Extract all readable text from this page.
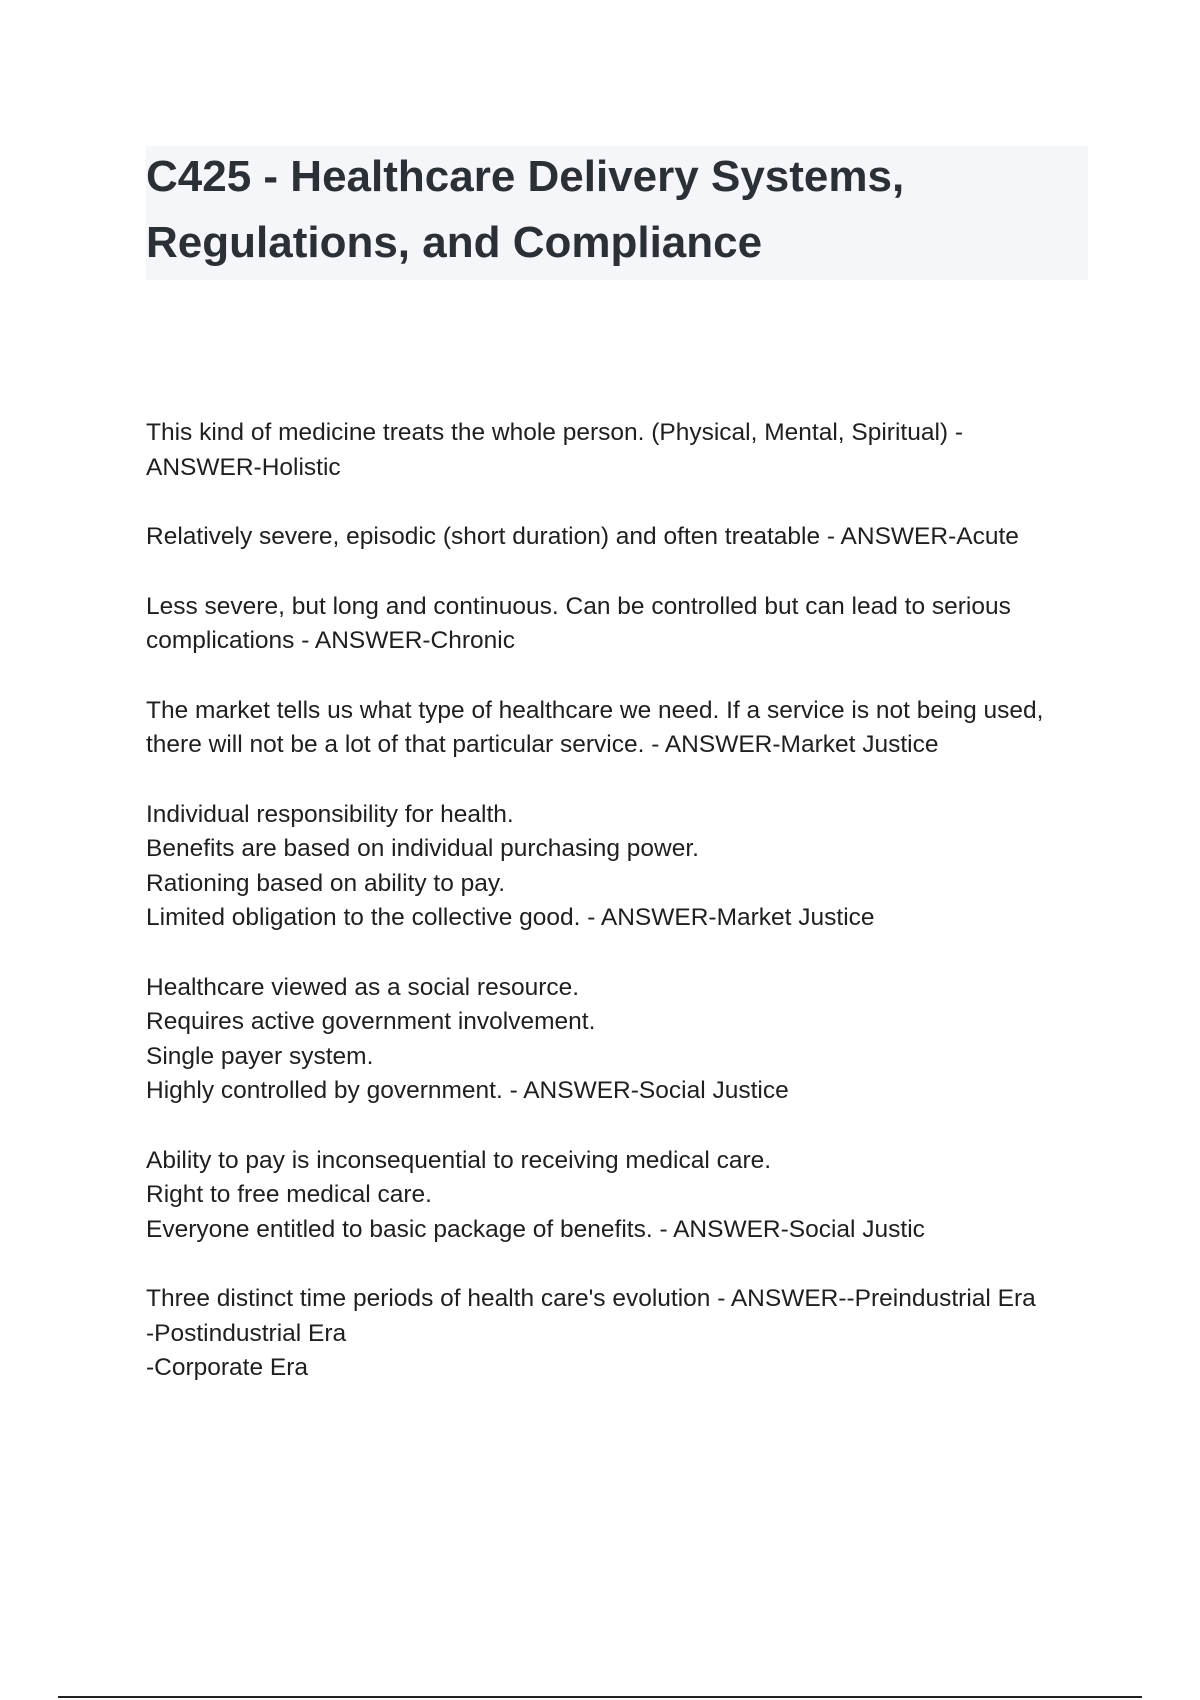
C425 - Healthcare Delivery Systems, Regulations, and Compliance

This kind of medicine treats the whole person. (Physical, Mental, Spiritual) -
ANSWER-Holistic

Relatively severe, episodic (short duration) and often treatable - ANSWER-Acute

Less severe, but long and continuous. Can be controlled but can lead to serious complications - ANSWER-Chronic

The market tells us what type of healthcare we need. If a service is not being used, there will not be a lot of that particular service. - ANSWER-Market Justice

Individual responsibility for health.
Benefits are based on individual purchasing power.
Rationing based on ability to pay.
Limited obligation to the collective good. - ANSWER-Market Justice

Healthcare viewed as a social resource.
Requires active government involvement.
Single payer system.
Highly controlled by government. - ANSWER-Social Justice

Ability to pay is inconsequential to receiving medical care.
Right to free medical care.
Everyone entitled to basic package of benefits. - ANSWER-Social Justic

Three distinct time periods of health care's evolution - ANSWER--Preindustrial Era
-Postindustrial Era
-Corporate Era
